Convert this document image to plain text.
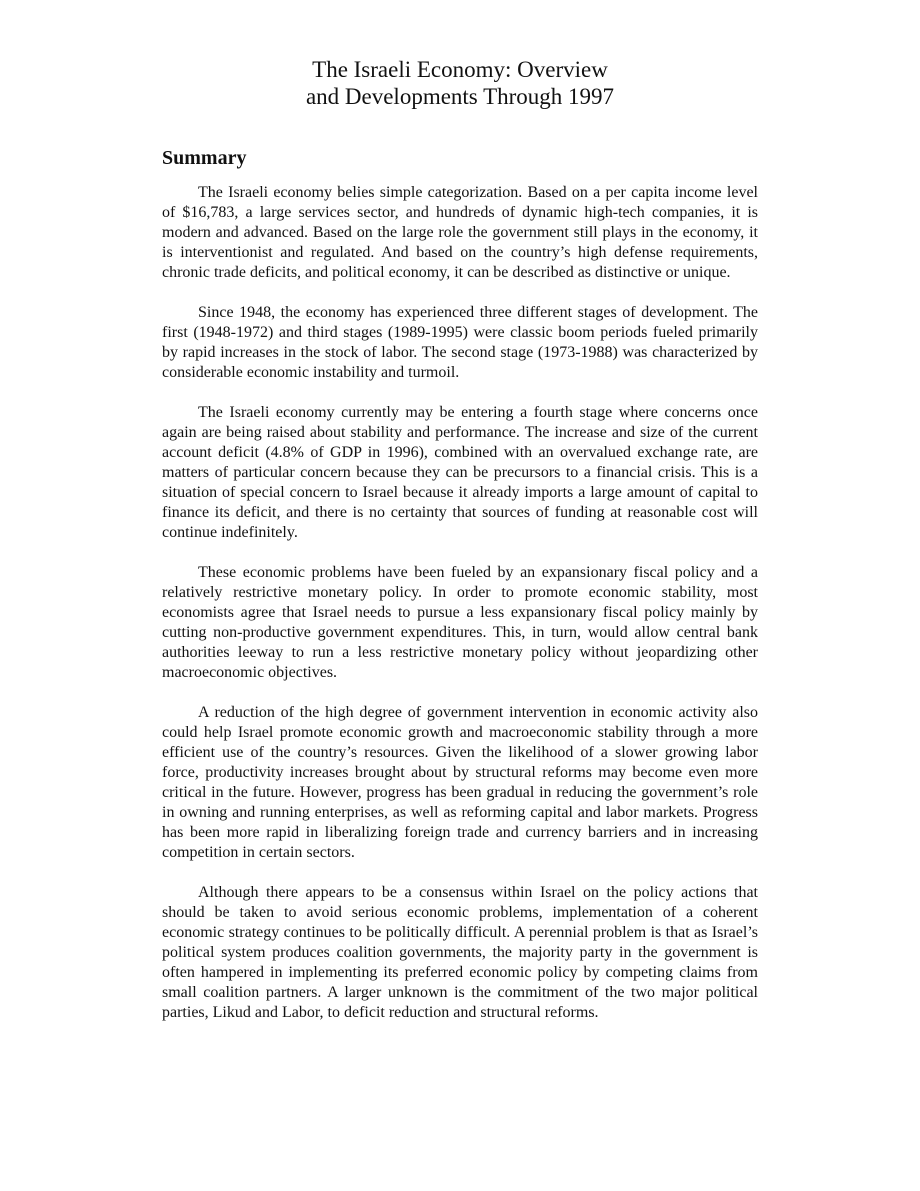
The Israeli Economy: Overview
and Developments Through 1997
Summary

The Israeli economy belies simple categorization. Based on a per capita income level of $16,783, a large services sector, and hundreds of dynamic high-tech companies, it is modern and advanced. Based on the large role the government still plays in the economy, it is interventionist and regulated. And based on the country’s high defense requirements, chronic trade deficits, and political economy, it can be described as distinctive or unique.

Since 1948, the economy has experienced three different stages of development. The first (1948-1972) and third stages (1989-1995) were classic boom periods fueled primarily by rapid increases in the stock of labor. The second stage (1973-1988) was characterized by considerable economic instability and turmoil.

The Israeli economy currently may be entering a fourth stage where concerns once again are being raised about stability and performance. The increase and size of the current account deficit (4.8% of GDP in 1996), combined with an overvalued exchange rate, are matters of particular concern because they can be precursors to a financial crisis. This is a situation of special concern to Israel because it already imports a large amount of capital to finance its deficit, and there is no certainty that sources of funding at reasonable cost will continue indefinitely.

These economic problems have been fueled by an expansionary fiscal policy and a relatively restrictive monetary policy. In order to promote economic stability, most economists agree that Israel needs to pursue a less expansionary fiscal policy mainly by cutting non-productive government expenditures. This, in turn, would allow central bank authorities leeway to run a less restrictive monetary policy without jeopardizing other macroeconomic objectives.

A reduction of the high degree of government intervention in economic activity also could help Israel promote economic growth and macroeconomic stability through a more efficient use of the country’s resources. Given the likelihood of a slower growing labor force, productivity increases brought about by structural reforms may become even more critical in the future. However, progress has been gradual in reducing the government’s role in owning and running enterprises, as well as reforming capital and labor markets. Progress has been more rapid in liberalizing foreign trade and currency barriers and in increasing competition in certain sectors.

Although there appears to be a consensus within Israel on the policy actions that should be taken to avoid serious economic problems, implementation of a coherent economic strategy continues to be politically difficult. A perennial problem is that as Israel’s political system produces coalition governments, the majority party in the government is often hampered in implementing its preferred economic policy by competing claims from small coalition partners. A larger unknown is the commitment of the two major political parties, Likud and Labor, to deficit reduction and structural reforms.
